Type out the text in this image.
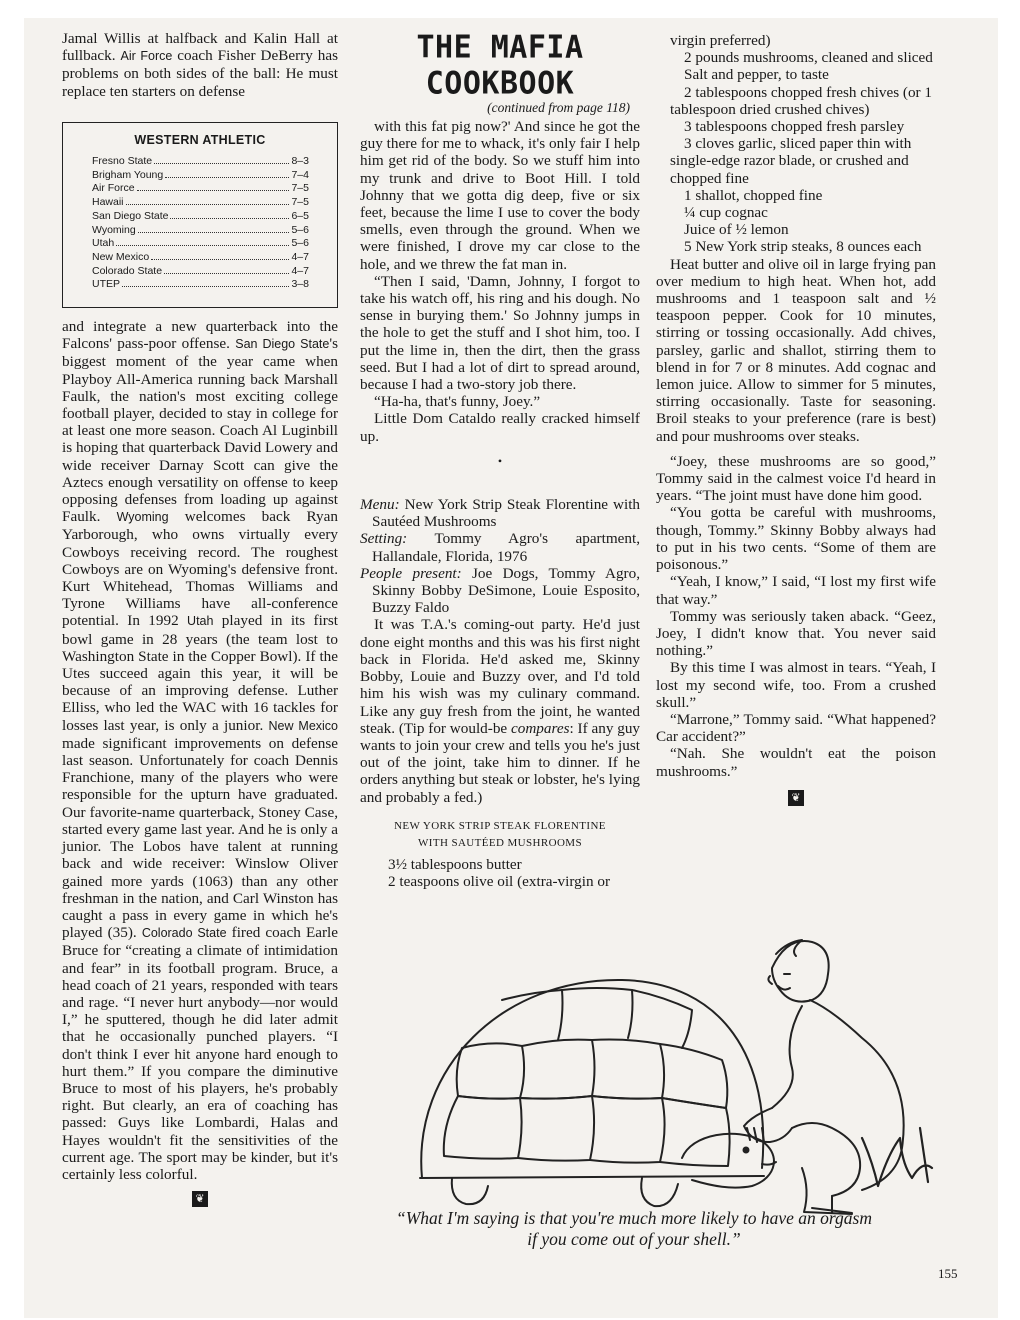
Jamal Willis at halfback and Kalin Hall at fullback. Air Force coach Fisher DeBerry has problems on both sides of the ball: He must replace ten starters on defense

WESTERN ATHLETIC
Fresno State	8–3
Brigham Young	7–4
Air Force	7–5
Hawaii	7–5
San Diego State	6–5
Wyoming	5–6
Utah	5–6
New Mexico	4–7
Colorado State	4–7
UTEP	3–8

and integrate a new quarterback into the Falcons' pass-poor offense. San Diego State's biggest moment of the year came when Playboy All-America running back Marshall Faulk, the nation's most exciting college football player, decided to stay in college for at least one more season. Coach Al Luginbill is hoping that quarterback David Lowery and wide receiver Darnay Scott can give the Aztecs enough versatility on offense to keep opposing defenses from loading up against Faulk. Wyoming welcomes back Ryan Yarborough, who owns virtually every Cowboys receiving record. The roughest Cowboys are on Wyoming's defensive front. Kurt Whitehead, Thomas Williams and Tyrone Williams have all-conference potential. In 1992 Utah played in its first bowl game in 28 years (the team lost to Washington State in the Copper Bowl). If the Utes succeed again this year, it will be because of an improving defense. Luther Elliss, who led the WAC with 16 tackles for losses last year, is only a junior. New Mexico made significant improvements on defense last season. Unfortunately for coach Dennis Franchione, many of the players who were responsible for the upturn have graduated. Our favorite-name quarterback, Stoney Case, started every game last year. And he is only a junior. The Lobos have talent at running back and wide receiver: Winslow Oliver gained more yards (1063) than any other freshman in the nation, and Carl Winston has caught a pass in every game in which he's played (35). Colorado State fired coach Earle Bruce for “creating a climate of intimidation and fear” in its football program. Bruce, a head coach of 21 years, responded with tears and rage. “I never hurt anybody—nor would I,” he sputtered, though he did later admit that he occasionally punched players. “I don't think I ever hit anyone hard enough to hurt them.” If you compare the diminutive Bruce to most of his players, he's probably right. But clearly, an era of coaching has passed: Guys like Lombardi, Halas and Hayes wouldn't fit the sensitivities of the current age. The sport may be kinder, but it's certainly less colorful.

❦
THE MAFIA COOKBOOK
(continued from page 118)

with this fat pig now?' And since he got the guy there for me to whack, it's only fair I help him get rid of the body. So we stuff him into my trunk and drive to Boot Hill. I told Johnny that we gotta dig deep, five or six feet, because the lime I use to cover the body smells, even through the ground. When we were finished, I drove my car close to the hole, and we threw the fat man in.

“Then I said, 'Damn, Johnny, I forgot to take his watch off, his ring and his dough. No sense in burying them.' So Johnny jumps in the hole to get the stuff and I shot him, too. I put the lime in, then the dirt, then the grass seed. But I had a lot of dirt to spread around, because I had a two-story job there.

“Ha-ha, that's funny, Joey.”

Little Dom Cataldo really cracked himself up.

•

Menu: New York Strip Steak Florentine with Sautéed Mushrooms

Setting: Tommy Agro's apartment, Hallandale, Florida, 1976

People present: Joe Dogs, Tommy Agro, Skinny Bobby DeSimone, Louie Esposito, Buzzy Faldo

It was T.A.'s coming-out party. He'd just done eight months and this was his first night back in Florida. He'd asked me, Skinny Bobby, Louie and Buzzy over, and I'd told him his wish was my culinary command. Like any guy fresh from the joint, he wanted steak. (Tip for would-be compares: If any guy wants to join your crew and tells you he's just out of the joint, take him to dinner. If he orders anything but steak or lobster, he's lying and probably a fed.)

NEW YORK STRIP STEAK FLORENTINE
WITH SAUTÉED MUSHROOMS

3½ tablespoons butter

2 teaspoons olive oil (extra-virgin or

virgin preferred)

2 pounds mushrooms, cleaned and sliced

Salt and pepper, to taste

2 tablespoons chopped fresh chives (or 1 tablespoon dried crushed chives)

3 tablespoons chopped fresh parsley

3 cloves garlic, sliced paper thin with single-edge razor blade, or crushed and chopped fine

1 shallot, chopped fine

¼ cup cognac

Juice of ½ lemon

5 New York strip steaks, 8 ounces each

Heat butter and olive oil in large frying pan over medium to high heat. When hot, add mushrooms and 1 teaspoon salt and ½ teaspoon pepper. Cook for 10 minutes, stirring or tossing occasionally. Add chives, parsley, garlic and shallot, stirring them to blend in for 7 or 8 minutes. Add cognac and lemon juice. Allow to simmer for 5 minutes, stirring occasionally. Taste for seasoning. Broil steaks to your preference (rare is best) and pour mushrooms over steaks.

“Joey, these mushrooms are so good,” Tommy said in the calmest voice I'd heard in years. “The joint must have done him good.

“You gotta be careful with mushrooms, though, Tommy.” Skinny Bobby always had to put in his two cents. “Some of them are poisonous.”

“Yeah, I know,” I said, “I lost my first wife that way.”

Tommy was seriously taken aback. “Geez, Joey, I didn't know that. You never said nothing.”

By this time I was almost in tears. “Yeah, I lost my second wife, too. From a crushed skull.”

“Marrone,” Tommy said. “What happened? Car accident?”

“Nah. She wouldn't eat the poison mushrooms.”

❦
“What I'm saying is that you're much more likely to have an orgasm if you come out of your shell.”
155
